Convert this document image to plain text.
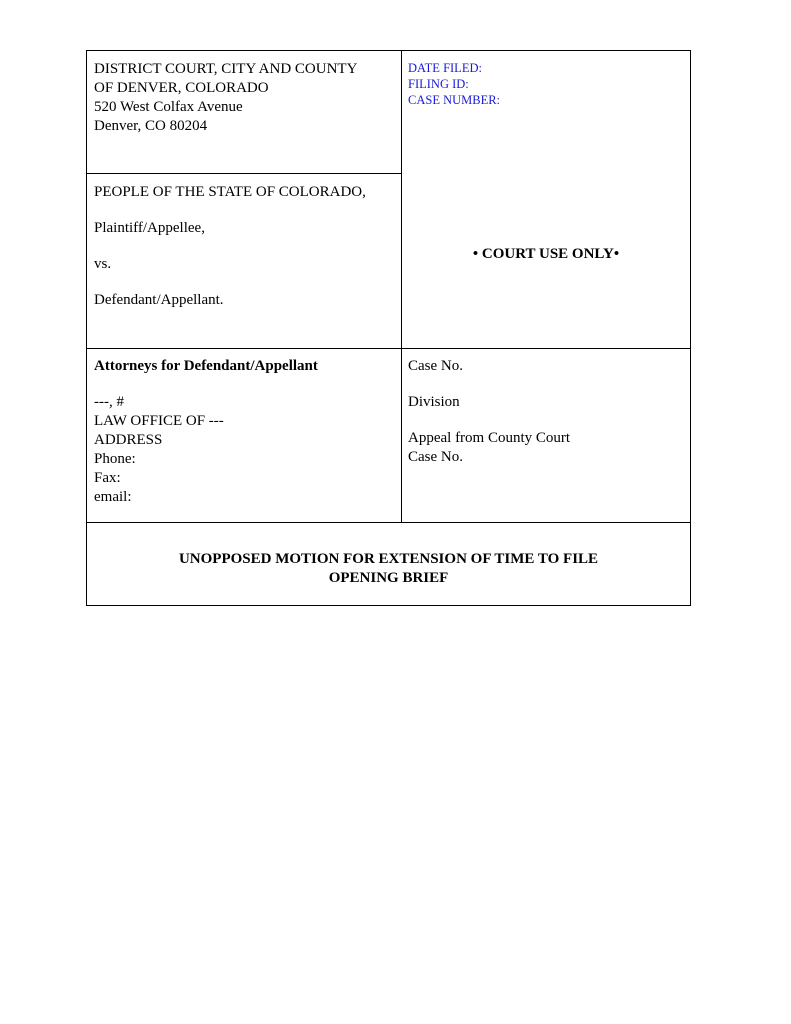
DISTRICT COURT, CITY AND COUNTY
OF DENVER, COLORADO
520 West Colfax Avenue
Denver, CO 80204
DATE FILED:
FILING ID:
CASE NUMBER:
PEOPLE OF THE STATE OF COLORADO,
Plaintiff/Appellee,
vs.
Defendant/Appellant.
• COURT USE ONLY•
Attorneys for Defendant/Appellant
---, #
LAW OFFICE OF ---
ADDRESS
Phone:
Fax:
email:
Case No.
Division
Appeal from County Court
Case No.
UNOPPOSED MOTION FOR EXTENSION OF TIME TO FILE
OPENING BRIEF
